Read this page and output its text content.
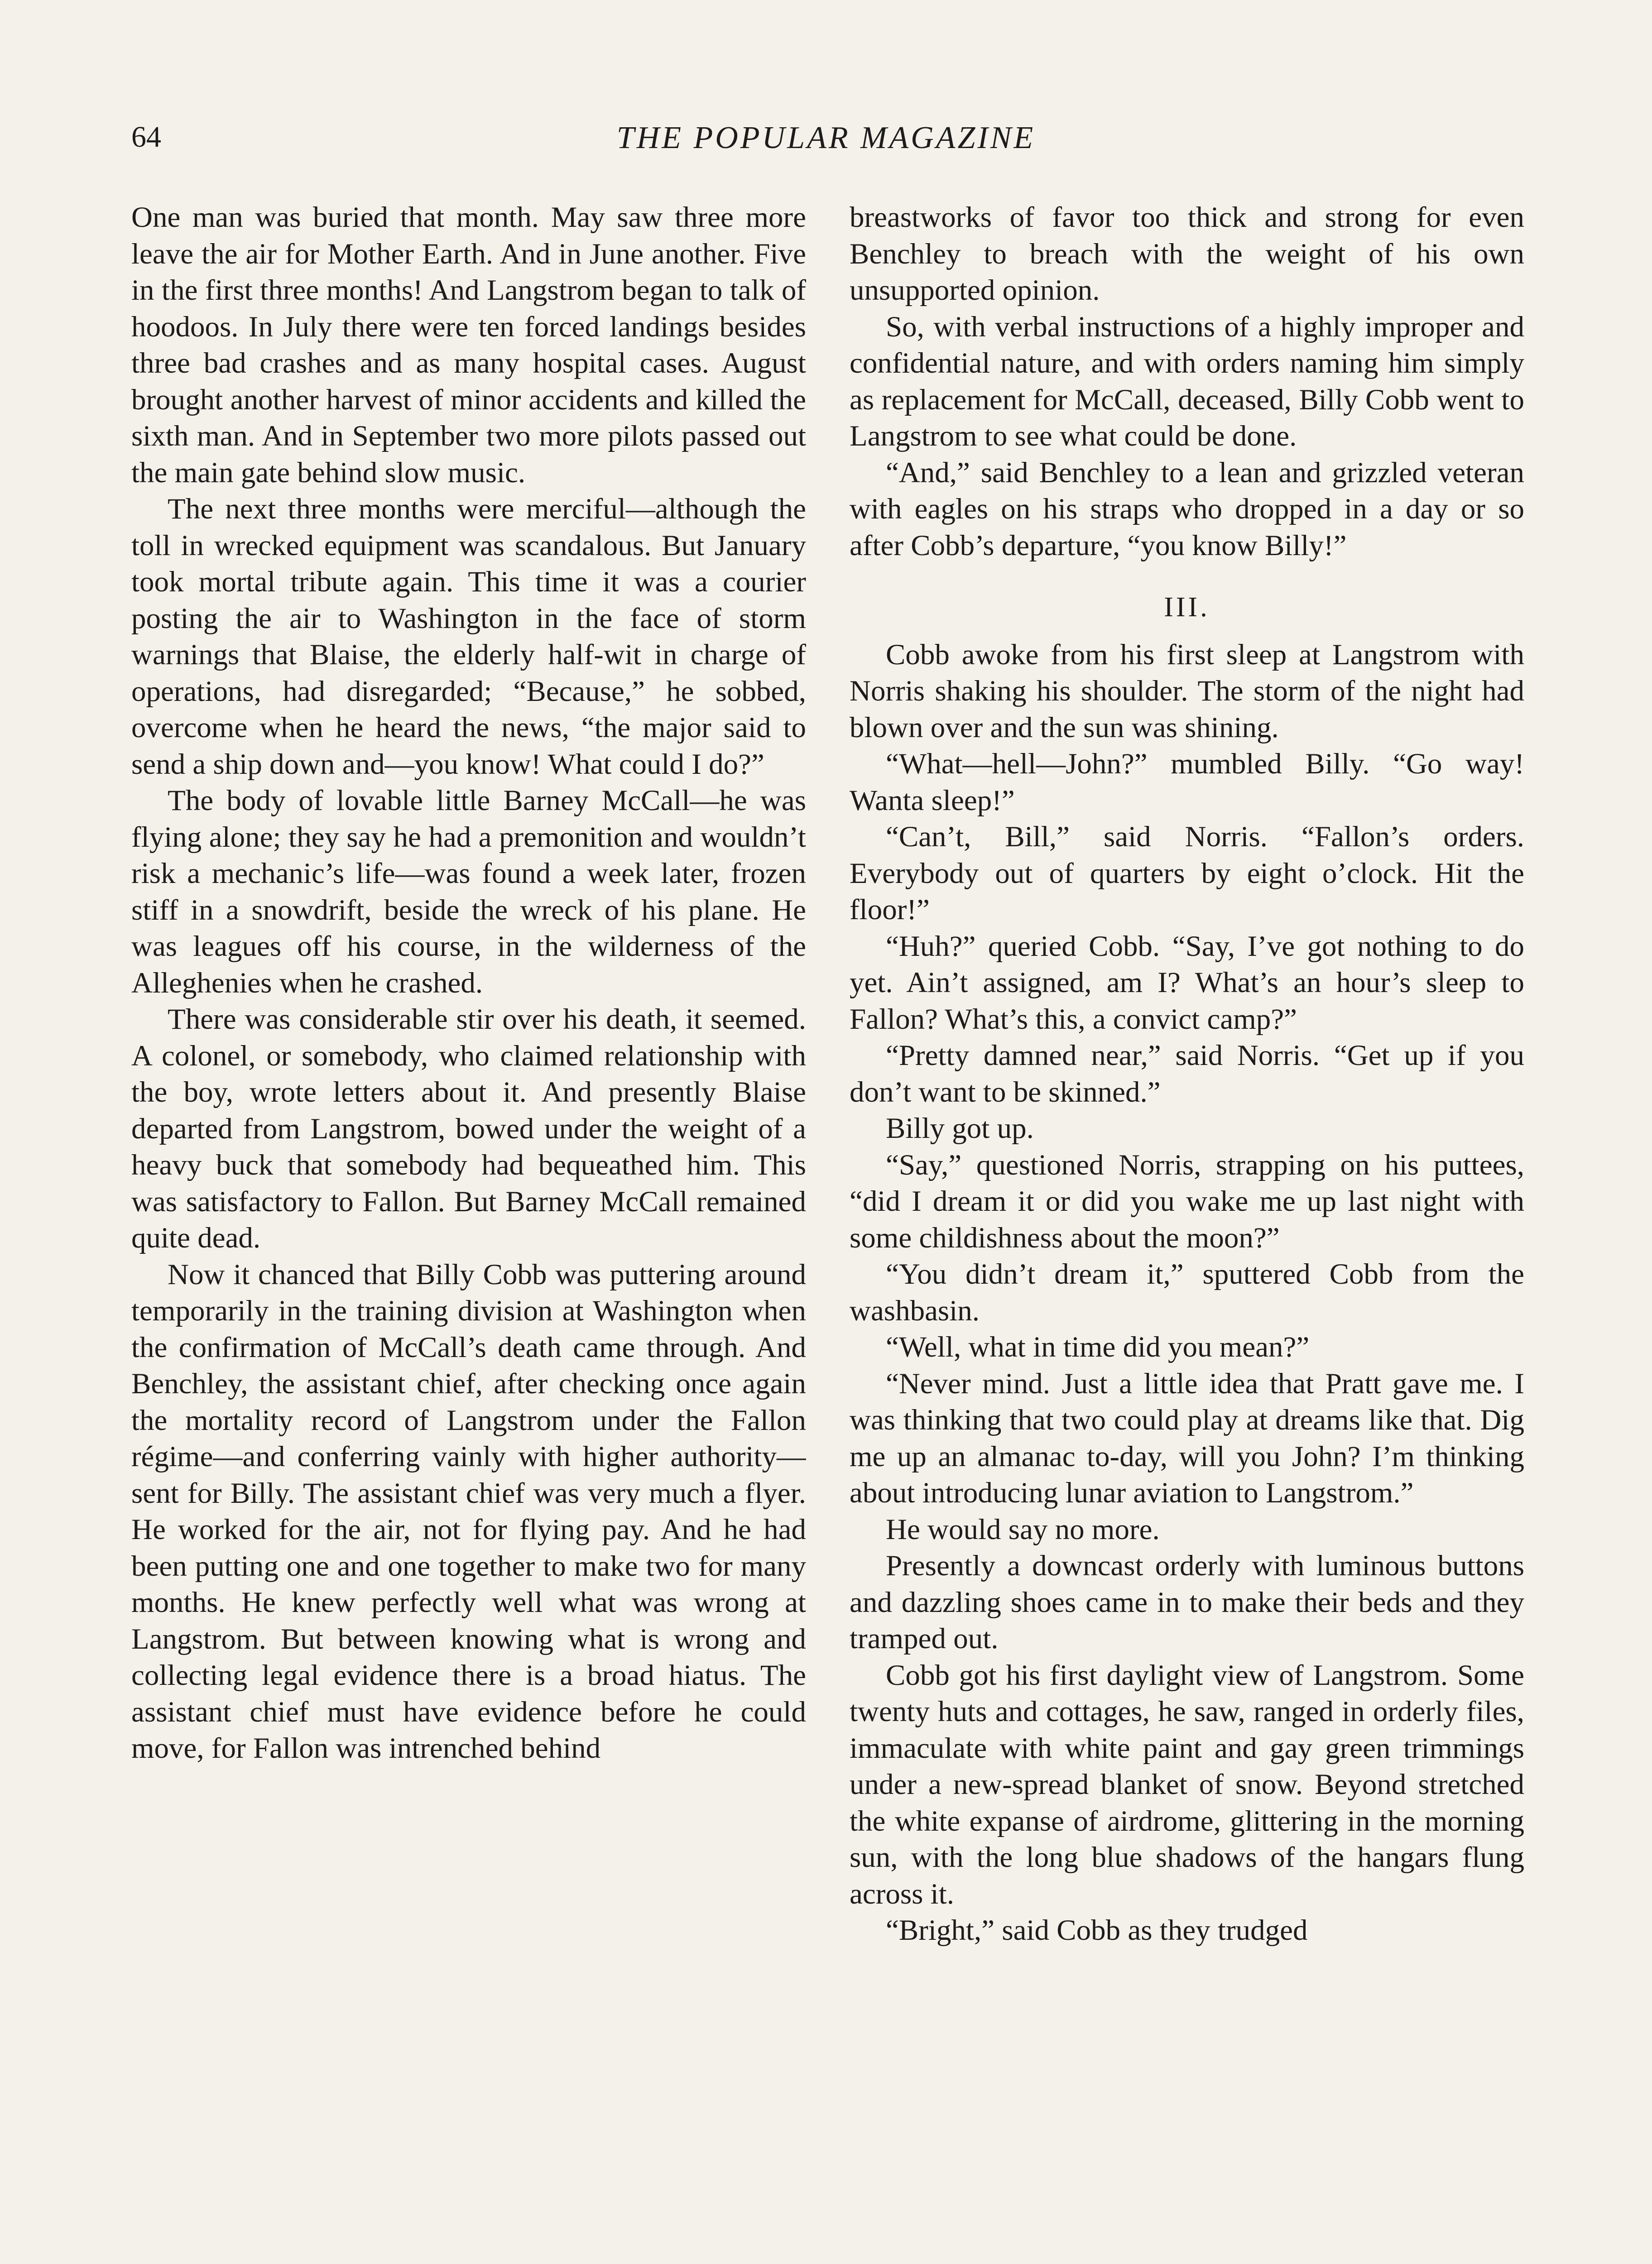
64	THE POPULAR MAGAZINE

One man was buried that month. May saw three more leave the air for Mother Earth. And in June another. Five in the first three months! And Langstrom began to talk of hoodoos. In July there were ten forced landings besides three bad crashes and as many hospital cases. August brought another harvest of minor accidents and killed the sixth man. And in September two more pilots passed out the main gate behind slow music.

The next three months were merciful—although the toll in wrecked equipment was scandalous. But January took mortal tribute again. This time it was a courier posting the air to Washington in the face of storm warnings that Blaise, the elderly half-wit in charge of operations, had disregarded; “Because,” he sobbed, overcome when he heard the news, “the major said to send a ship down and—you know! What could I do?”

The body of lovable little Barney McCall—he was flying alone; they say he had a premonition and wouldn’t risk a mechanic’s life—was found a week later, frozen stiff in a snowdrift, beside the wreck of his plane. He was leagues off his course, in the wilderness of the Alleghenies when he crashed.

There was considerable stir over his death, it seemed. A colonel, or somebody, who claimed relationship with the boy, wrote letters about it. And presently Blaise departed from Langstrom, bowed under the weight of a heavy buck that somebody had bequeathed him. This was satisfactory to Fallon. But Barney McCall remained quite dead.

Now it chanced that Billy Cobb was puttering around temporarily in the training division at Washington when the confirmation of McCall’s death came through. And Benchley, the assistant chief, after checking once again the mortality record of Langstrom under the Fallon régime—and conferring vainly with higher authority—sent for Billy. The assistant chief was very much a flyer. He worked for the air, not for flying pay. And he had been putting one and one together to make two for many months. He knew perfectly well what was wrong at Langstrom. But between knowing what is wrong and collecting legal evidence there is a broad hiatus. The assistant chief must have evidence before he could move, for Fallon was intrenched behind

breastworks of favor too thick and strong for even Benchley to breach with the weight of his own unsupported opinion.

So, with verbal instructions of a highly improper and confidential nature, and with orders naming him simply as replacement for McCall, deceased, Billy Cobb went to Langstrom to see what could be done.

“And,” said Benchley to a lean and grizzled veteran with eagles on his straps who dropped in a day or so after Cobb’s departure, “you know Billy!”

III.

Cobb awoke from his first sleep at Langstrom with Norris shaking his shoulder. The storm of the night had blown over and the sun was shining.

“What—hell—John?” mumbled Billy. “Go way! Wanta sleep!”

“Can’t, Bill,” said Norris. “Fallon’s orders. Everybody out of quarters by eight o’clock. Hit the floor!”

“Huh?” queried Cobb. “Say, I’ve got nothing to do yet. Ain’t assigned, am I? What’s an hour’s sleep to Fallon? What’s this, a convict camp?”

“Pretty damned near,” said Norris. “Get up if you don’t want to be skinned.”

Billy got up.

“Say,” questioned Norris, strapping on his puttees, “did I dream it or did you wake me up last night with some childishness about the moon?”

“You didn’t dream it,” sputtered Cobb from the washbasin.

“Well, what in time did you mean?”

“Never mind. Just a little idea that Pratt gave me. I was thinking that two could play at dreams like that. Dig me up an almanac to-day, will you John? I’m thinking about introducing lunar aviation to Langstrom.”

He would say no more.

Presently a downcast orderly with luminous buttons and dazzling shoes came in to make their beds and they tramped out.

Cobb got his first daylight view of Langstrom. Some twenty huts and cottages, he saw, ranged in orderly files, immaculate with white paint and gay green trimmings under a new-spread blanket of snow. Beyond stretched the white expanse of airdrome, glittering in the morning sun, with the long blue shadows of the hangars flung across it.

“Bright,” said Cobb as they trudged
